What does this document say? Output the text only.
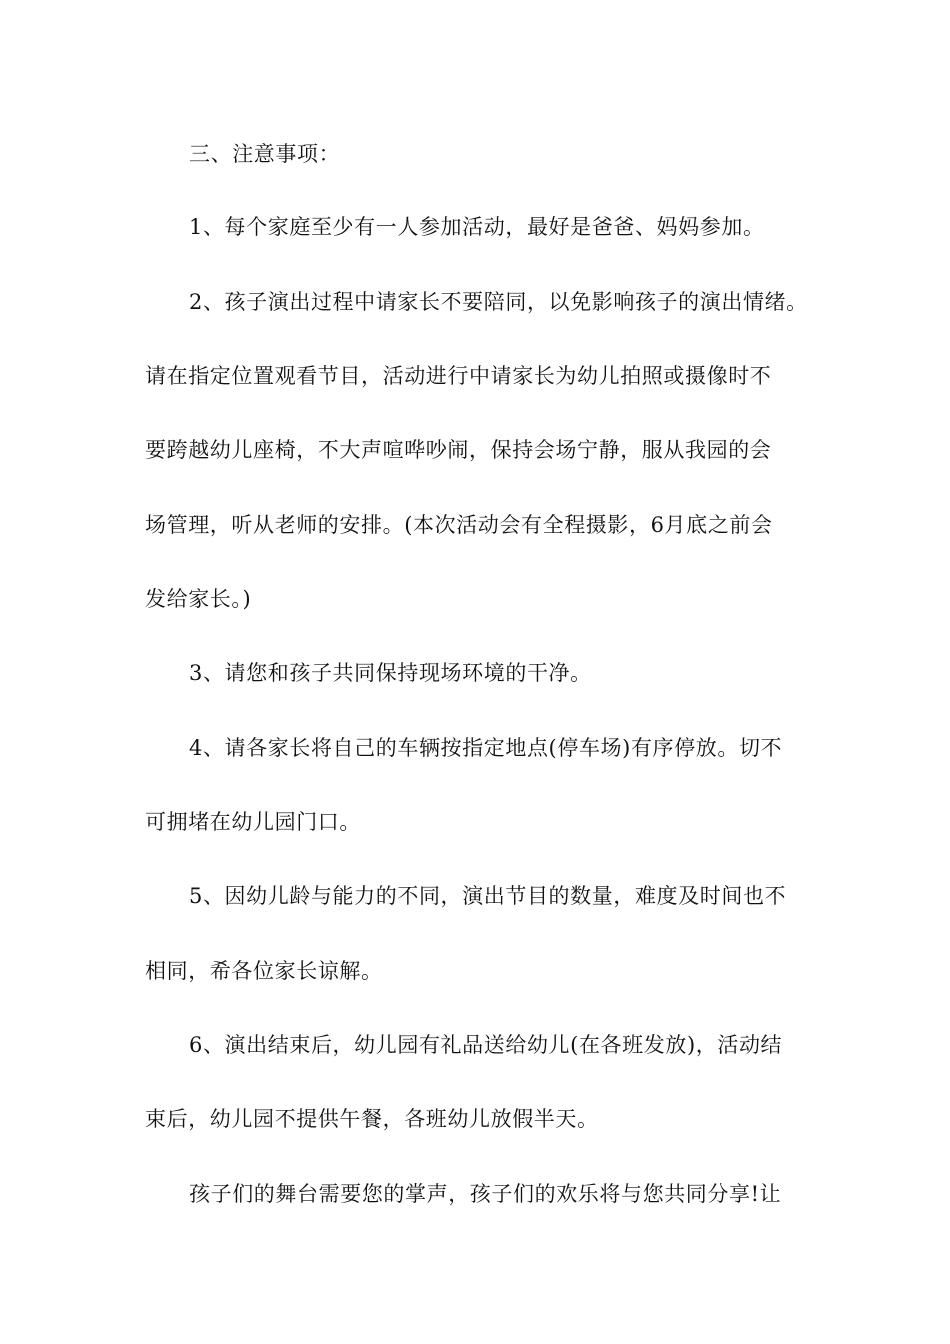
三、注意事项：
1、每个家庭至少有一人参加活动，最好是爸爸、妈妈参加。
2、孩子演出过程中请家长不要陪同，以免影响孩子的演出情绪。
请在指定位置观看节目，活动进行中请家长为幼儿拍照或摄像时不
要跨越幼儿座椅，不大声喧哗吵闹，保持会场宁静，服从我园的会
场管理，听从老师的安排。(本次活动会有全程摄影，6月底之前会
发给家长。)
3、请您和孩子共同保持现场环境的干净。
4、请各家长将自己的车辆按指定地点(停车场)有序停放。切不
可拥堵在幼儿园门口。
5、因幼儿龄与能力的不同，演出节目的数量，难度及时间也不
相同，希各位家长谅解。
6、演出结束后，幼儿园有礼品送给幼儿(在各班发放)，活动结
束后，幼儿园不提供午餐，各班幼儿放假半天。
孩子们的舞台需要您的掌声，孩子们的欢乐将与您共同分享!让
